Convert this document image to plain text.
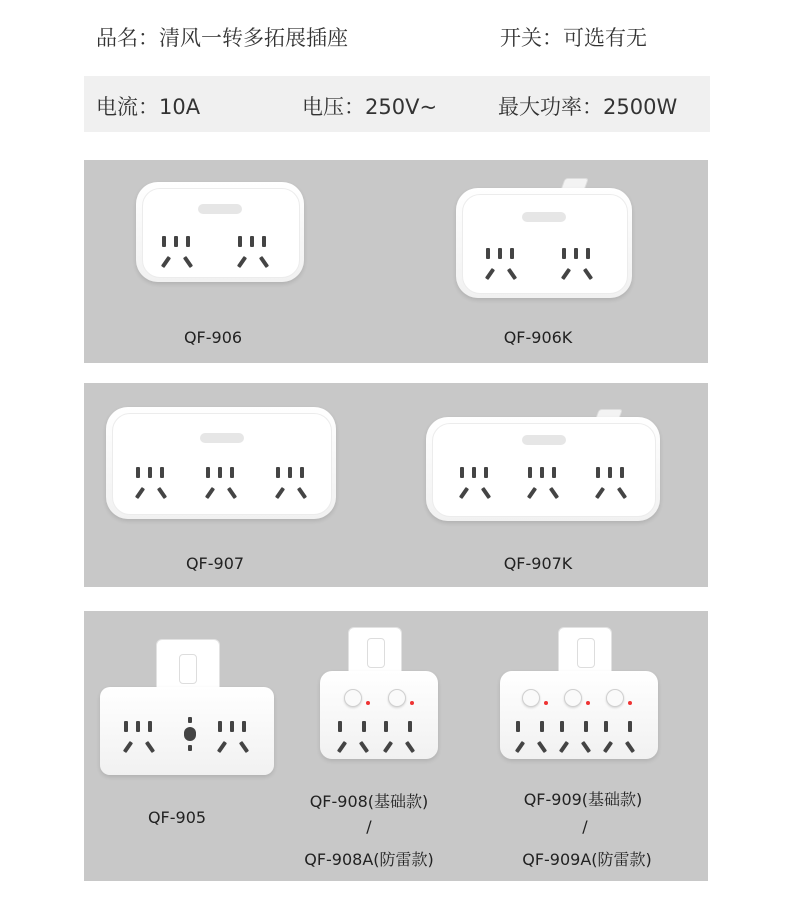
品名：清风一转多拓展插座	开关：可选有无
电流：10A	电压：250V~	最大功率：2500W
QF-906	QF-906K
QF-907	QF-907K
QF-905
QF-908(基础款)
/
QF-908A(防雷款)
QF-909(基础款)
/
QF-909A(防雷款)
